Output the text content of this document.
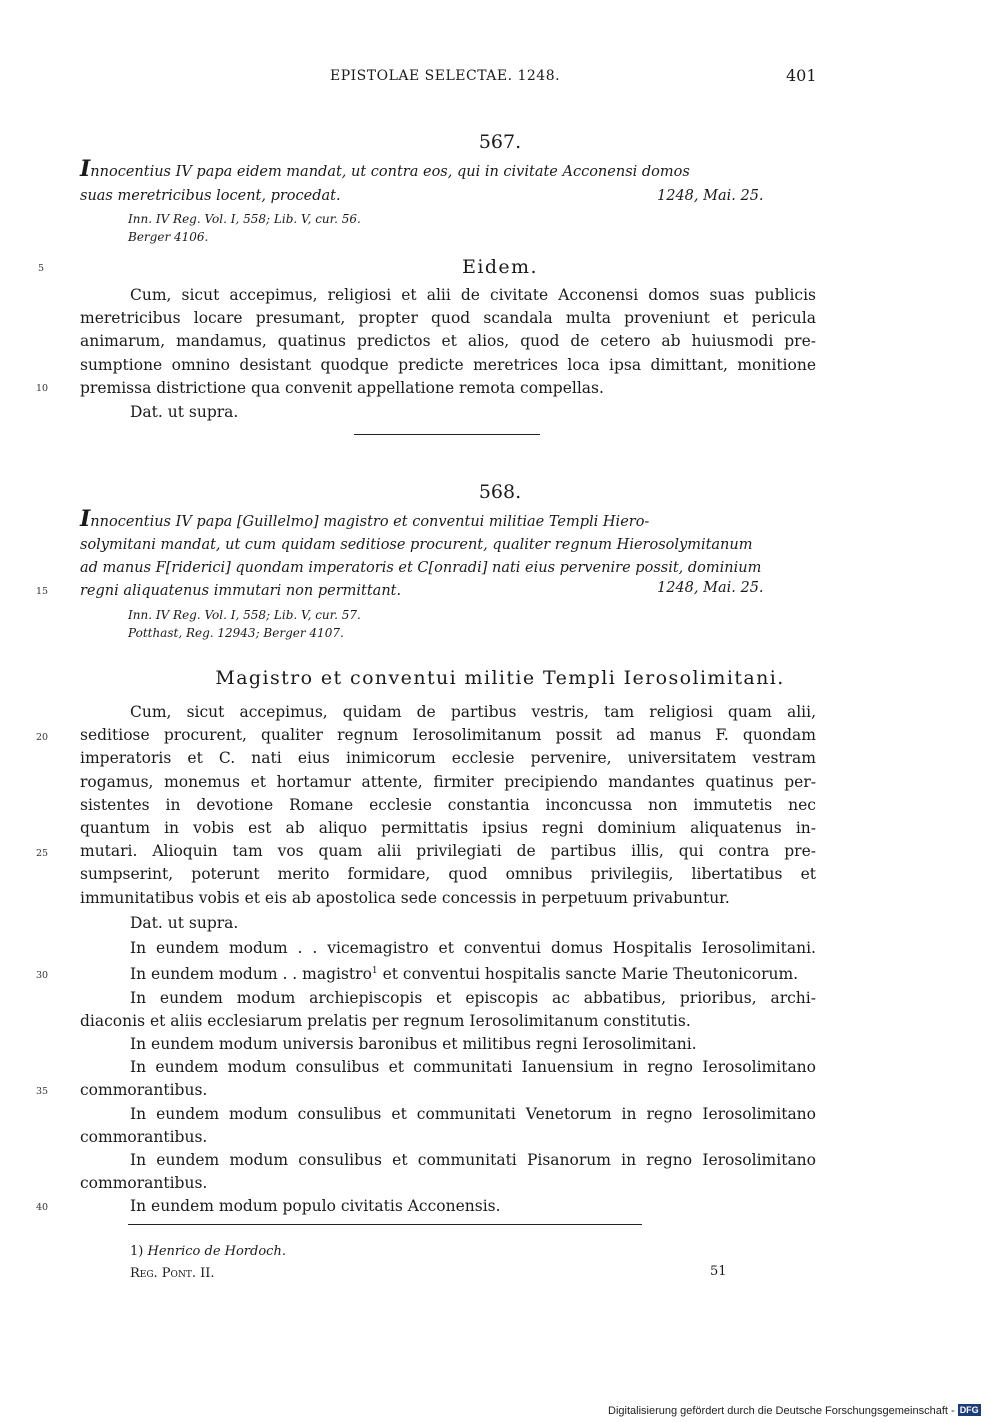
EPISTOLAE SELECTAE. 1248.	401
567.
Innocentius IV papa eidem mandat, ut contra eos, qui in civitate Acconensi domos
suas meretricibus locent, procedat.	1248, Mai. 25.
Inn. IV Reg. Vol. I, 558; Lib. V, cur. 56.
Berger 4106.
5	Eidem.
Cum, sicut accepimus, religiosi et alii de civitate Acconensi domos suas publicis
meretricibus locare presumant, propter quod scandala multa proveniunt et pericula
animarum, mandamus, quatinus predictos et alios, quod de cetero ab huiusmodi pre-
sumptione omnino desistant quodque predicte meretrices loca ipsa dimittant, monitione
premissa districtione qua convenit appellatione remota compellas.
10
Dat. ut supra.
568.
Innocentius IV papa [Guillelmo] magistro et conventui militiae Templi Hiero-
solymitani mandat, ut cum quidam seditiose procurent, qualiter regnum Hierosolymitanum
ad manus F[riderici] quondam imperatoris et C[onradi] nati eius pervenire possit, dominium
regni aliquatenus immutari non permittant.	1248, Mai. 25.
15
Inn. IV Reg. Vol. I, 558; Lib. V, cur. 57.
Potthast, Reg. 12943; Berger 4107.
Magistro et conventui militie Templi Ierosolimitani.
Cum, sicut accepimus, quidam de partibus vestris, tam religiosi quam alii,
seditiose procurent, qualiter regnum Ierosolimitanum possit ad manus F. quondam
imperatoris et C. nati eius inimicorum ecclesie pervenire, universitatem vestram
rogamus, monemus et hortamur attente, firmiter precipiendo mandantes quatinus per-
sistentes in devotione Romane ecclesie constantia inconcussa non immutetis nec
quantum in vobis est ab aliquo permittatis ipsius regni dominium aliquatenus in-
mutari. Alioquin tam vos quam alii privilegiati de partibus illis, qui contra pre-
sumpserint, poterunt merito formidare, quod omnibus privilegiis, libertatibus et
immunitatibus vobis et eis ab apostolica sede concessis in perpetuum privabuntur.
20
25
Dat. ut supra.
In eundem modum . . vicemagistro et conventui domus Hospitalis Ierosolimitani.
In eundem modum . . magistro$^1$ et conventui hospitalis sancte Marie Theutonicorum.
In eundem modum archiepiscopis et episcopis ac abbatibus, prioribus, archi-
diaconis et aliis ecclesiarum prelatis per regnum Ierosolimitanum constitutis.
In eundem modum universis baronibus et militibus regni Ierosolimitani.
In eundem modum consulibus et communitati Ianuensium in regno Ierosolimitano
commorantibus.
In eundem modum consulibus et communitati Venetorum in regno Ierosolimitano
commorantibus.
In eundem modum consulibus et communitati Pisanorum in regno Ierosolimitano
commorantibus.
In eundem modum populo civitatis Acconensis.
30
35
40
1) Henrico de Hordoch.
Reg. Pont. II.	51
Digitalisierung gefördert durch die Deutsche Forschungsgemeinschaft - DFG
